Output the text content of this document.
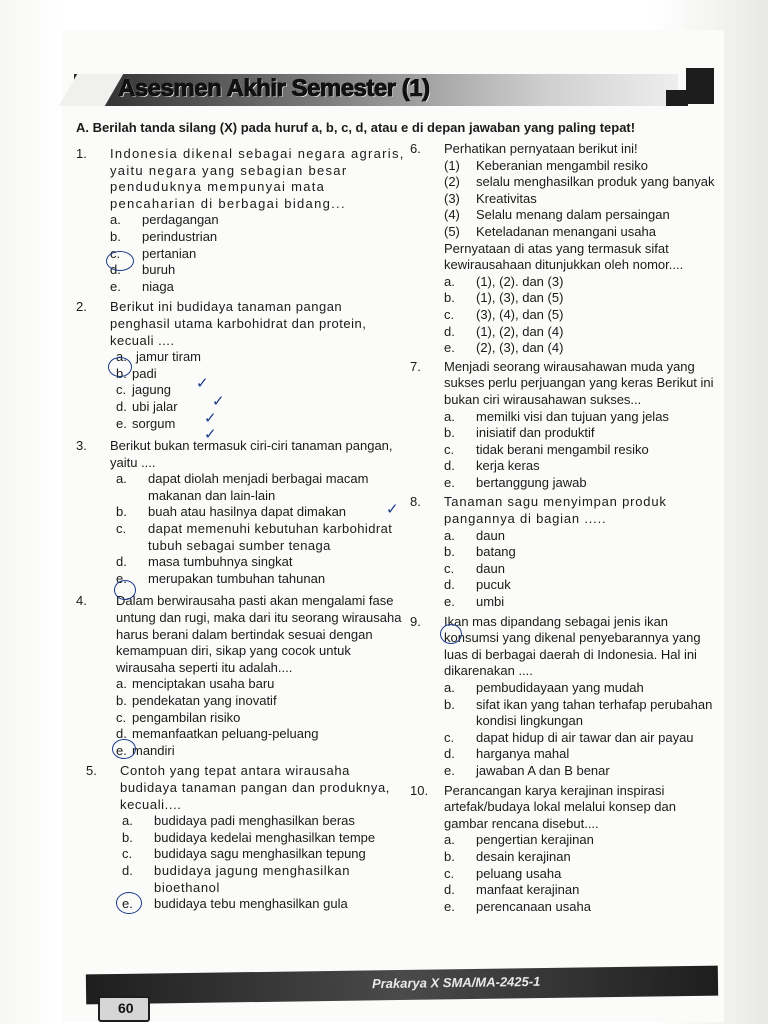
Asesmen Akhir Semester (1)
A. Berilah tanda silang (X) pada huruf a, b, c, d, atau e di depan jawaban yang paling tepat!
1.	Indonesia dikenal sebagai negara agraris, yaitu negara yang sebagian besar penduduknya mempunyai mata pencaharian di berbagai bidang...
a. perdagangan
b. perindustrian
c. pertanian
d. buruh
e. niaga
2.	Berikut ini budidaya tanaman pangan penghasil utama karbohidrat dan protein, kecuali ....
a. jamur tiram
b. padi
c. jagung
d. ubi jalar
e. sorgum
3.	Berikut bukan termasuk ciri-ciri tanaman pangan, yaitu ....
a. dapat diolah menjadi berbagai macam makanan dan lain-lain
b. buah atau hasilnya dapat dimakan
c. dapat memenuhi kebutuhan karbohidrat tubuh sebagai sumber tenaga
d. masa tumbuhnya singkat
e. merupakan tumbuhan tahunan
4.	Dalam berwirausaha pasti akan mengalami fase untung dan rugi, maka dari itu seorang wirausaha harus berani dalam bertindak sesuai dengan kemampuan diri, sikap yang cocok untuk wirausaha seperti itu adalah....
a. menciptakan usaha baru
b. pendekatan yang inovatif
c. pengambilan risiko
d. memanfaatkan peluang-peluang
e. mandiri
5.	Contoh yang tepat antara wirausaha budidaya tanaman pangan dan produknya, kecuali....
a. budidaya padi menghasilkan beras
b. budidaya kedelai menghasilkan tempe
c. budidaya sagu menghasilkan tepung
d. budidaya jagung menghasilkan bioethanol
e. budidaya tebu menghasilkan gula
6.	Perhatikan pernyataan berikut ini!
(1) Keberanian mengambil resiko
(2) selalu menghasilkan produk yang banyak
(3) Kreativitas
(4) Selalu menang dalam persaingan
(5) Keteladanan menangani usaha
Pernyataan di atas yang termasuk sifat kewirausahaan ditunjukkan oleh nomor....
a. (1), (2). dan (3)
b. (1), (3), dan (5)
c. (3), (4), dan (5)
d. (1), (2), dan (4)
e. (2), (3), dan (4)
7.	Menjadi seorang wirausahawan muda yang sukses perlu perjuangan yang keras Berikut ini bukan ciri wirausahawan sukses...
a. memilki visi dan tujuan yang jelas
b. inisiatif dan produktif
c. tidak berani mengambil resiko
d. kerja keras
e. bertanggung jawab
8.	Tanaman sagu menyimpan produk pangannya di bagian .....
a. daun
b. batang
c. daun
d. pucuk
e. umbi
9.	Ikan mas dipandang sebagai jenis ikan konsumsi yang dikenal penyebarannya yang luas di berbagai daerah di Indonesia. Hal ini dikarenakan ....
a. pembudidayaan yang mudah
b. sifat ikan yang tahan terhafap perubahan kondisi lingkungan
c. dapat hidup di air tawar dan air payau
d. harganya mahal
e. jawaban A dan B benar
10.	Perancangan karya kerajinan inspirasi artefak/budaya lokal melalui konsep dan gambar rencana disebut....
a. pengertian kerajinan
b. desain kerajinan
c. peluang usaha
d. manfaat kerajinan
e. perencanaan usaha
✓
✓
✓
✓
✓
Prakarya X SMA/MA-2425-1
60
